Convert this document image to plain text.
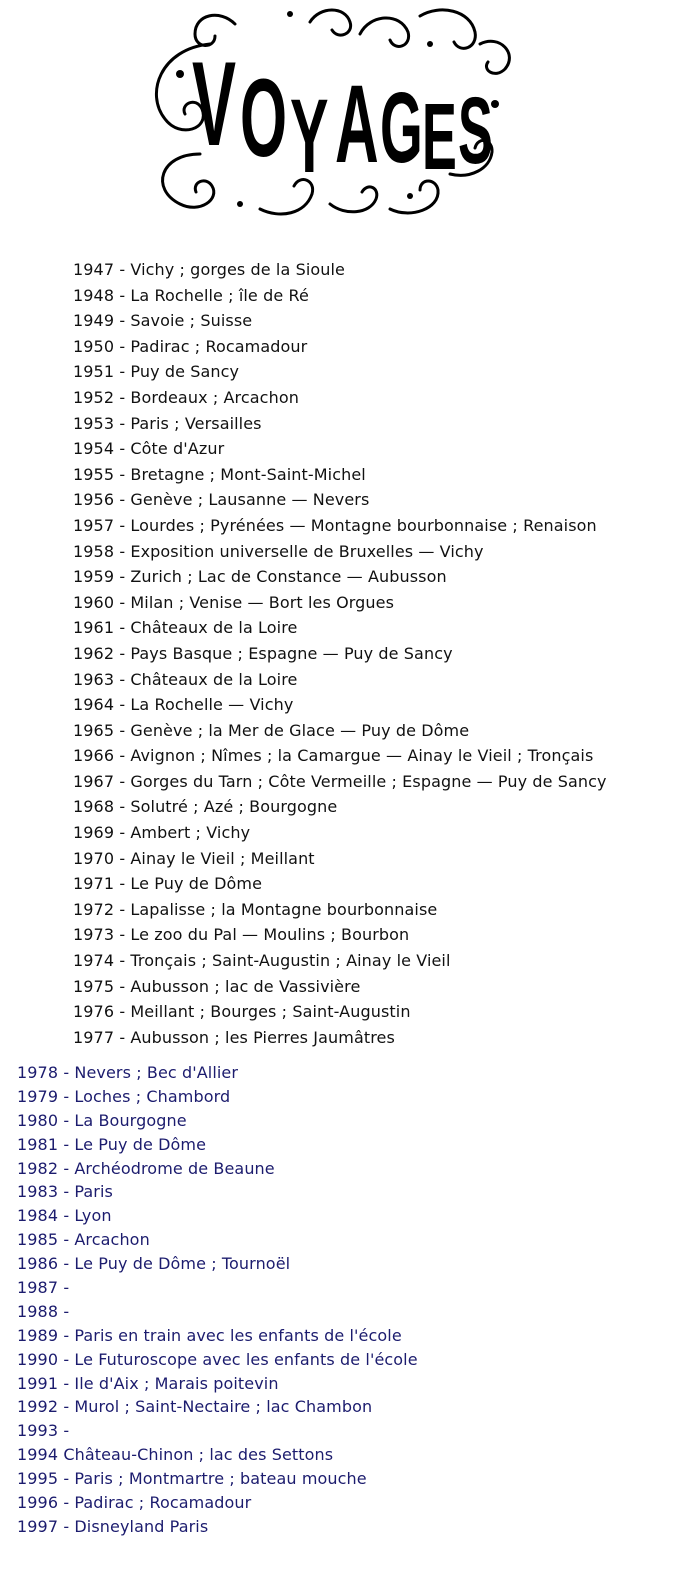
V O Y A G E S
1947 - Vichy ; gorges de la Sioule
1948 - La Rochelle ; île de Ré
1949 - Savoie ; Suisse
1950 - Padirac ; Rocamadour
1951 - Puy de Sancy
1952 - Bordeaux ; Arcachon
1953 - Paris ; Versailles
1954 - Côte d'Azur
1955 - Bretagne ; Mont-Saint-Michel
1956 - Genève ; Lausanne — Nevers
1957 - Lourdes ; Pyrénées — Montagne bourbonnaise ; Renaison
1958 - Exposition universelle de Bruxelles — Vichy
1959 - Zurich ; Lac de Constance — Aubusson
1960 - Milan ; Venise — Bort les Orgues
1961 - Châteaux de la Loire
1962 - Pays Basque ; Espagne — Puy de Sancy
1963 - Châteaux de la Loire
1964 - La Rochelle — Vichy
1965 - Genève ; la Mer de Glace — Puy de Dôme
1966 - Avignon ; Nîmes ; la Camargue — Ainay le Vieil ; Tronçais
1967 - Gorges du Tarn ; Côte Vermeille ; Espagne — Puy de Sancy
1968 - Solutré ; Azé ; Bourgogne
1969 - Ambert ; Vichy
1970 - Ainay le Vieil ; Meillant
1971 - Le Puy de Dôme
1972 - Lapalisse ; la Montagne bourbonnaise
1973 - Le zoo du Pal — Moulins ; Bourbon
1974 - Tronçais ; Saint-Augustin ; Ainay le Vieil
1975 - Aubusson ; lac de Vassivière
1976 - Meillant ; Bourges ; Saint-Augustin
1977 - Aubusson ; les Pierres Jaumâtres
1978 - Nevers ; Bec d'Allier
1979 - Loches ; Chambord
1980 - La Bourgogne
1981 - Le Puy de Dôme
1982 - Archéodrome de Beaune
1983 - Paris
1984 - Lyon
1985 - Arcachon
1986 - Le Puy de Dôme ; Tournoël
1987 -
1988 -
1989 - Paris en train avec les enfants de l'école
1990 - Le Futuroscope avec les enfants de l'école
1991 - Ile d'Aix ; Marais poitevin
1992 - Murol ; Saint-Nectaire ; lac Chambon
1993 -
1994 Château-Chinon ; lac des Settons
1995 - Paris ; Montmartre ; bateau mouche
1996 - Padirac ; Rocamadour
1997 - Disneyland Paris
